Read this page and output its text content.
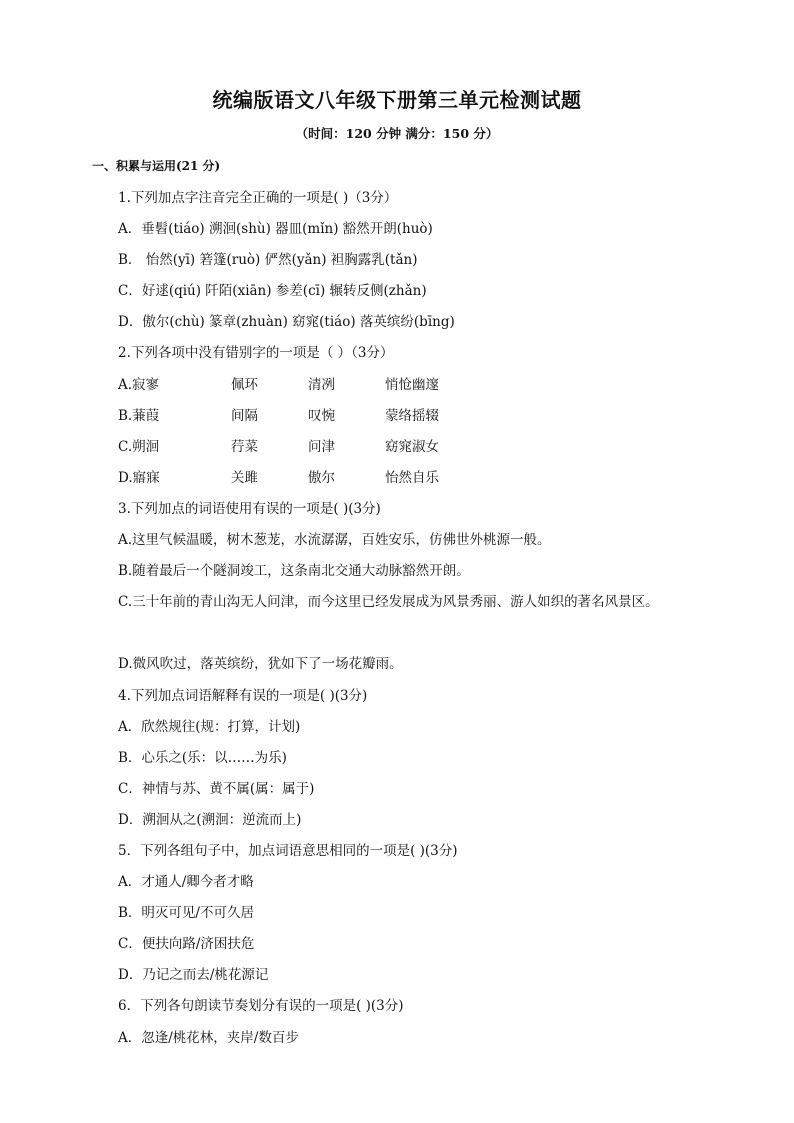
统编版语文八年级下册第三单元检测试题
（时间：120 分钟 满分：150 分）
一、积累与运用(21 分)
1.下列加点字注音完全正确的一项是( )（3分）
A．垂髫(tiáo) 溯洄(shù) 器皿(mǐn) 豁然开朗(huò)
B． 怡然(yī) 箬篷(ruò) 俨然(yǎn) 袒胸露乳(tǎn)
C．好逑(qiú) 阡陌(xiān) 参差(cī) 辗转反侧(zhǎn)
D．傲尔(chù) 篆章(zhuàn) 窈窕(tiáo) 落英缤纷(bīng)
2.下列各项中没有错别字的一项是（ ）（3分）
A.寂寥	佩环	清冽	悄怆幽邃
B.蒹葭	间隔	叹惋	蒙络摇辍
C.朔洄	荇菜	问津	窈窕淑女
D.寤寐	关雎	傲尔	怡然自乐
3.下列加点的词语使用有误的一项是( )(3分)
A.这里气候温暖，树木葱茏，水流潺潺，百姓安乐，仿佛世外桃源一般。
B.随着最后一个隧洞竣工，这条南北交通大动脉豁然开朗。
C.三十年前的青山沟无人问津，而今这里已经发展成为风景秀丽、游人如织的著名风景区。
D.微风吹过，落英缤纷，犹如下了一场花瓣雨。
4.下列加点词语解释有误的一项是( )(3分)
A．欣然规往(规：打算，计划)
B．心乐之(乐：以……为乐)
C．神情与苏、黄不属(属：属于)
D．溯洄从之(溯洄：逆流而上)
5．下列各组句子中，加点词语意思相同的一项是( )(3分)
A．才通人/卿今者才略
B．明灭可见/不可久居
C．便扶向路/济困扶危
D．乃记之而去/桃花源记
6．下列各句朗读节奏划分有误的一项是( )(3分)
A．忽逢/桃花林，夹岸/数百步
